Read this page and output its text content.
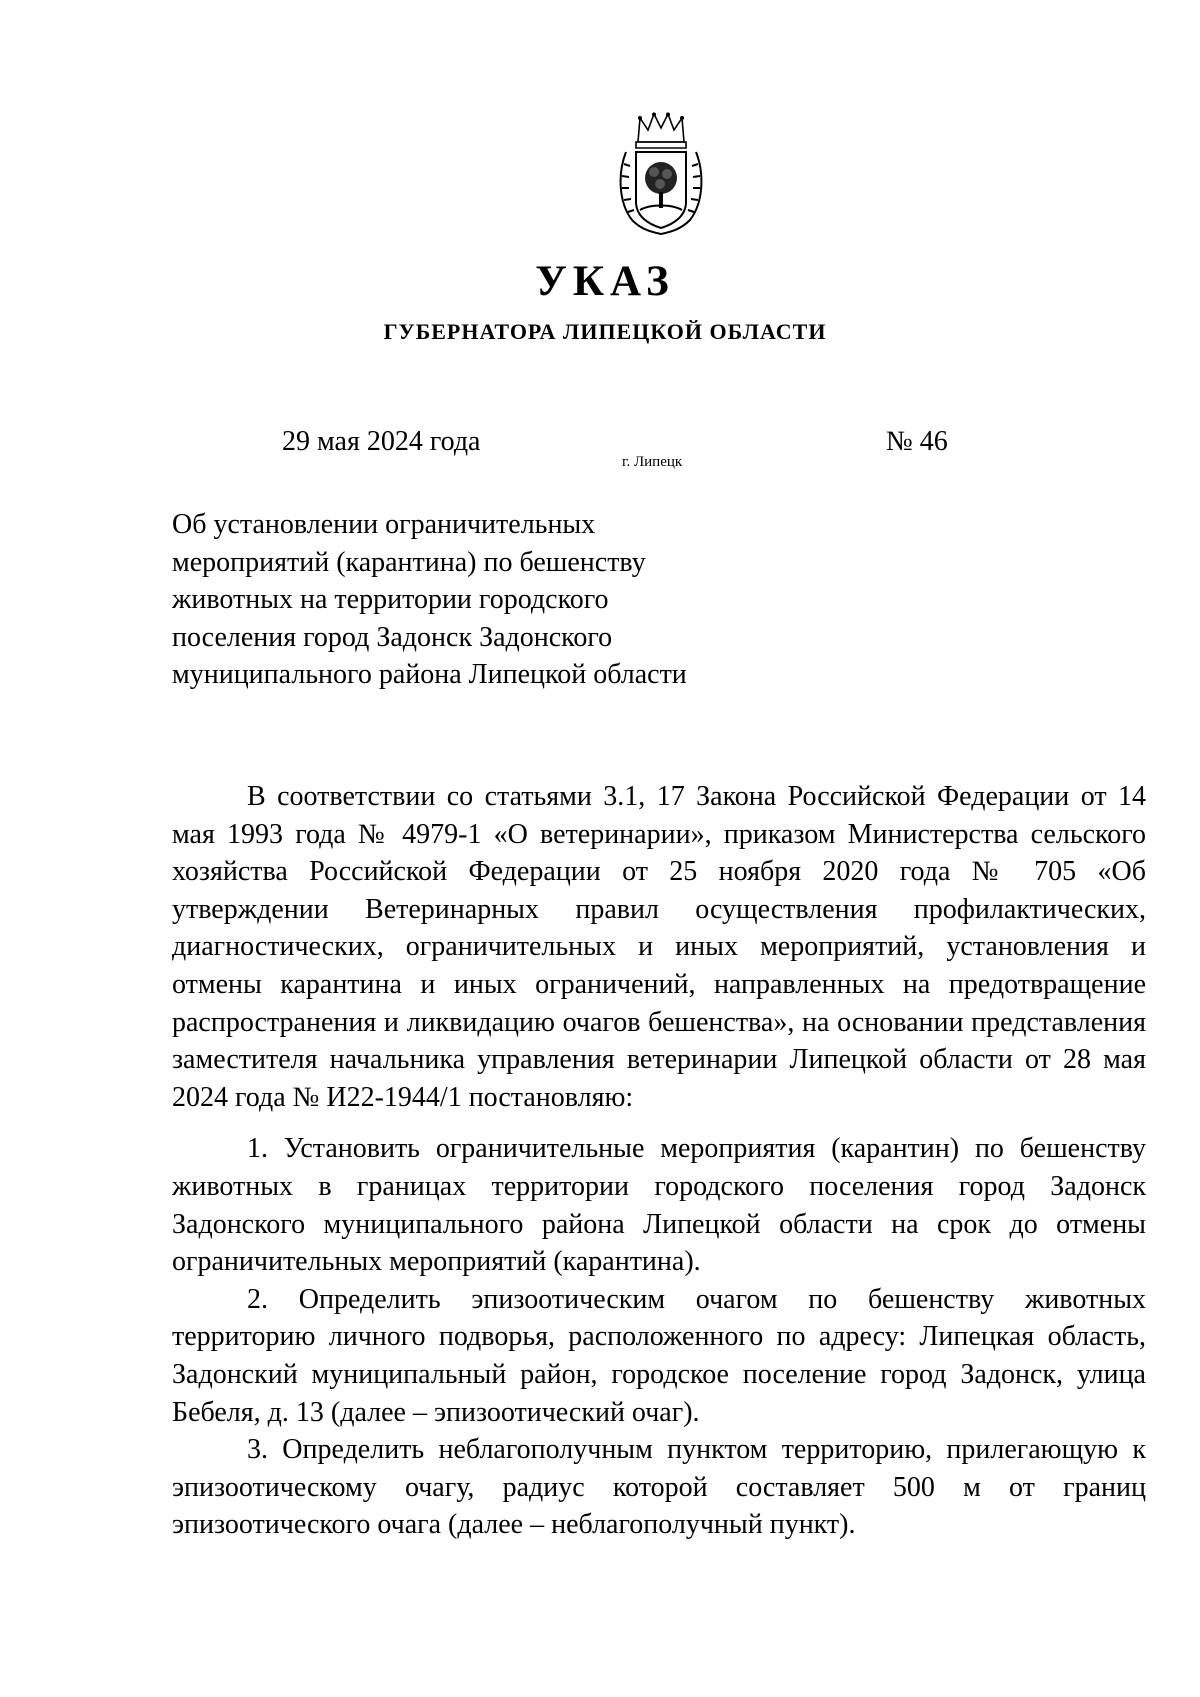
УКАЗ
ГУБЕРНАТОРА ЛИПЕЦКОЙ ОБЛАСТИ
29 мая 2024 года
г. Липецк
№ 46
Об установлении ограничительных
мероприятий (карантина) по бешенству
животных на территории городского
поселения город Задонск Задонского
муниципального района Липецкой области

В соответствии со статьями 3.1, 17 Закона Российской Федерации от 14 мая 1993 года № 4979-1 «О ветеринарии», приказом Министерства сельского хозяйства Российской Федерации от 25 ноября 2020 года № 705 «Об утверждении Ветеринарных правил осуществления профилактических, диагностических, ограничительных и иных мероприятий, установления и отмены карантина и иных ограничений, направленных на предотвращение распространения и ликвидацию очагов бешенства», на основании представления заместителя начальника управления ветеринарии Липецкой области от 28 мая 2024 года № И22-1944/1 постановляю:

1. Установить ограничительные мероприятия (карантин) по бешенству животных в границах территории городского поселения город Задонск Задонского муниципального района Липецкой области на срок до отмены ограничительных мероприятий (карантина).

2. Определить эпизоотическим очагом по бешенству животных территорию личного подворья, расположенного по адресу: Липецкая область, Задонский муниципальный район, городское поселение город Задонск, улица Бебеля, д. 13 (далее – эпизоотический очаг).

3. Определить неблагополучным пунктом территорию, прилегающую к эпизоотическому очагу, радиус которой составляет 500 м от границ эпизоотического очага (далее – неблагополучный пункт).
